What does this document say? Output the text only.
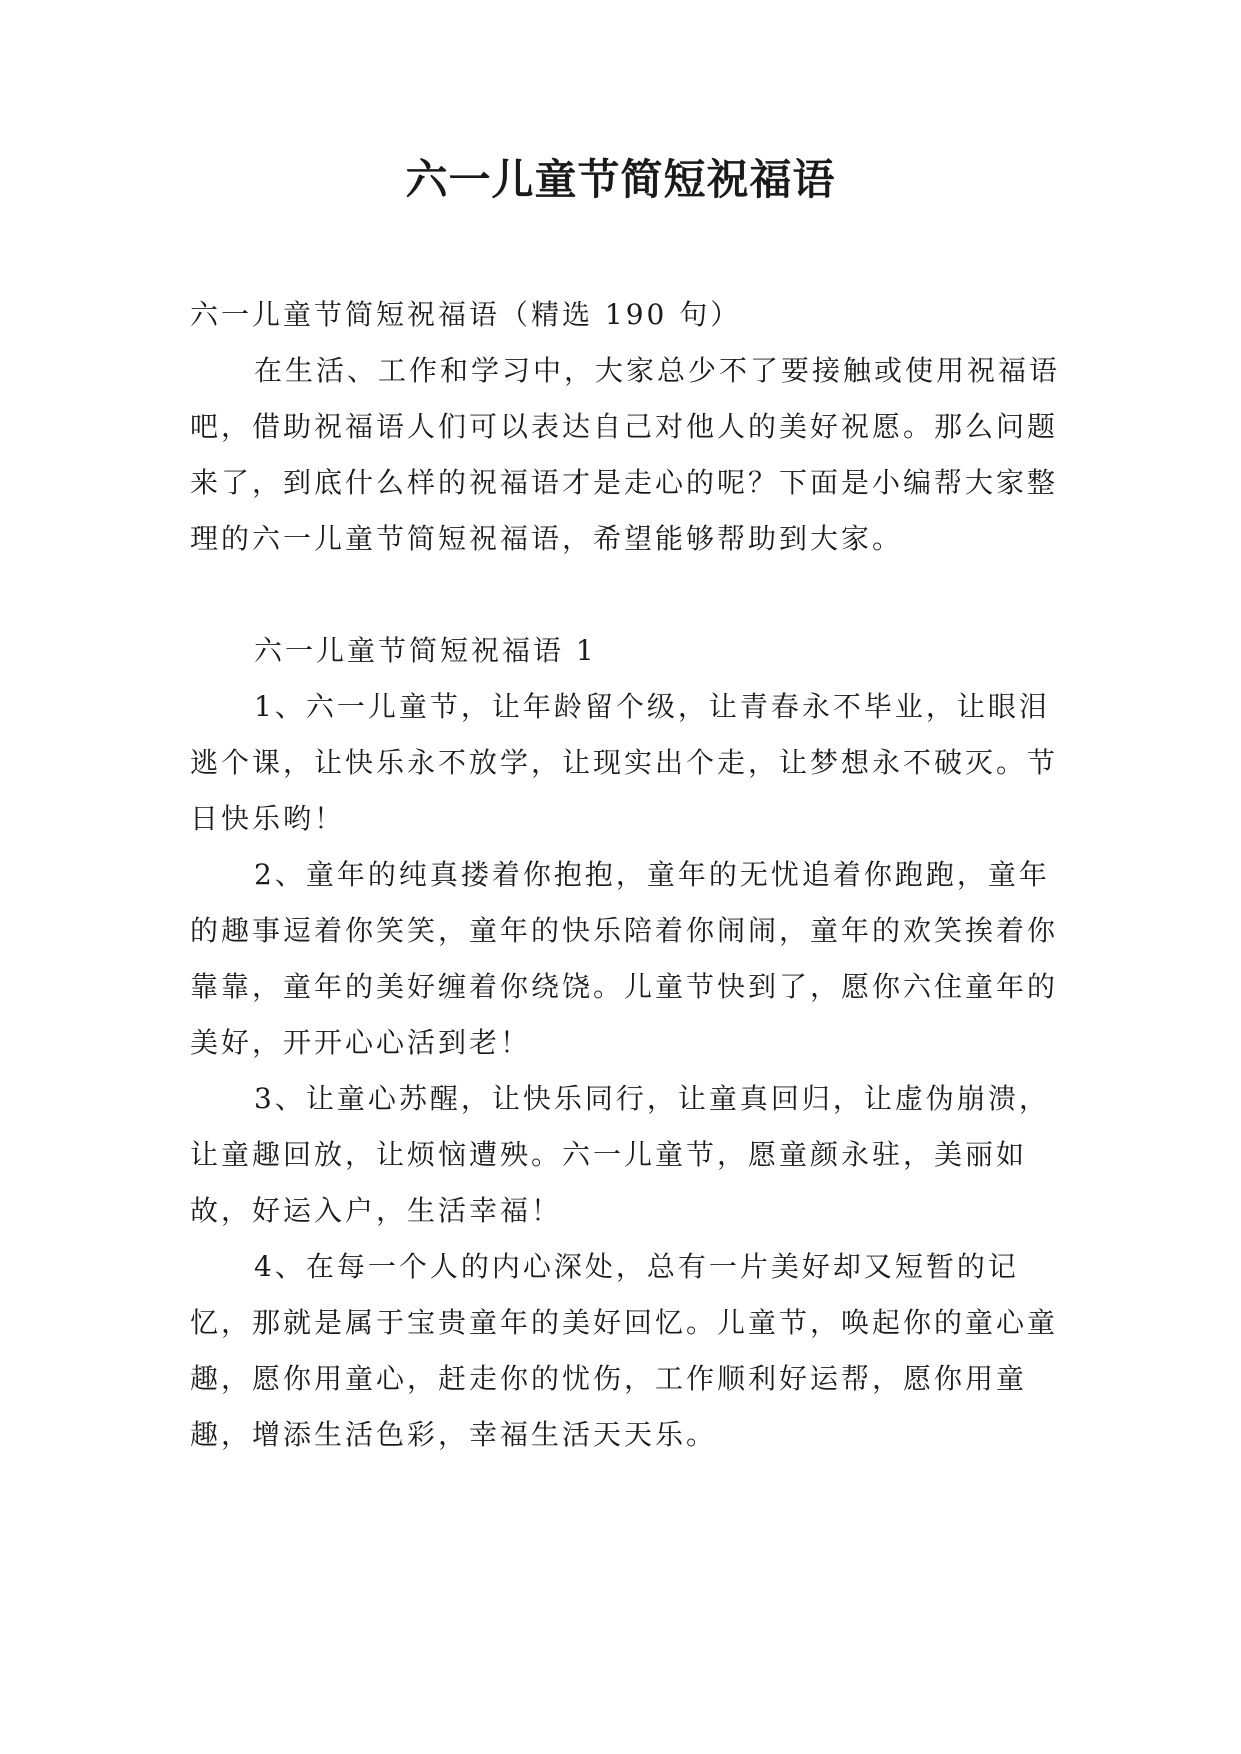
六一儿童节简短祝福语

六一儿童节简短祝福语（精选 190 句）

在生活、工作和学习中，大家总少不了要接触或使用祝福语吧，借助祝福语人们可以表达自己对他人的美好祝愿。那么问题来了，到底什么样的祝福语才是走心的呢？下面是小编帮大家整理的六一儿童节简短祝福语，希望能够帮助到大家。

六一儿童节简短祝福语 1

1、六一儿童节，让年龄留个级，让青春永不毕业，让眼泪逃个课，让快乐永不放学，让现实出个走，让梦想永不破灭。节日快乐哟！

2、童年的纯真搂着你抱抱，童年的无忧追着你跑跑，童年的趣事逗着你笑笑，童年的快乐陪着你闹闹，童年的欢笑挨着你靠靠，童年的美好缠着你绕饶。儿童节快到了，愿你六住童年的美好，开开心心活到老！

3、让童心苏醒，让快乐同行，让童真回归，让虚伪崩溃，让童趣回放，让烦恼遭殃。六一儿童节，愿童颜永驻，美丽如故，好运入户，生活幸福！

4、在每一个人的内心深处，总有一片美好却又短暂的记忆，那就是属于宝贵童年的美好回忆。儿童节，唤起你的童心童趣，愿你用童心，赶走你的忧伤，工作顺利好运帮，愿你用童趣，增添生活色彩，幸福生活天天乐。
